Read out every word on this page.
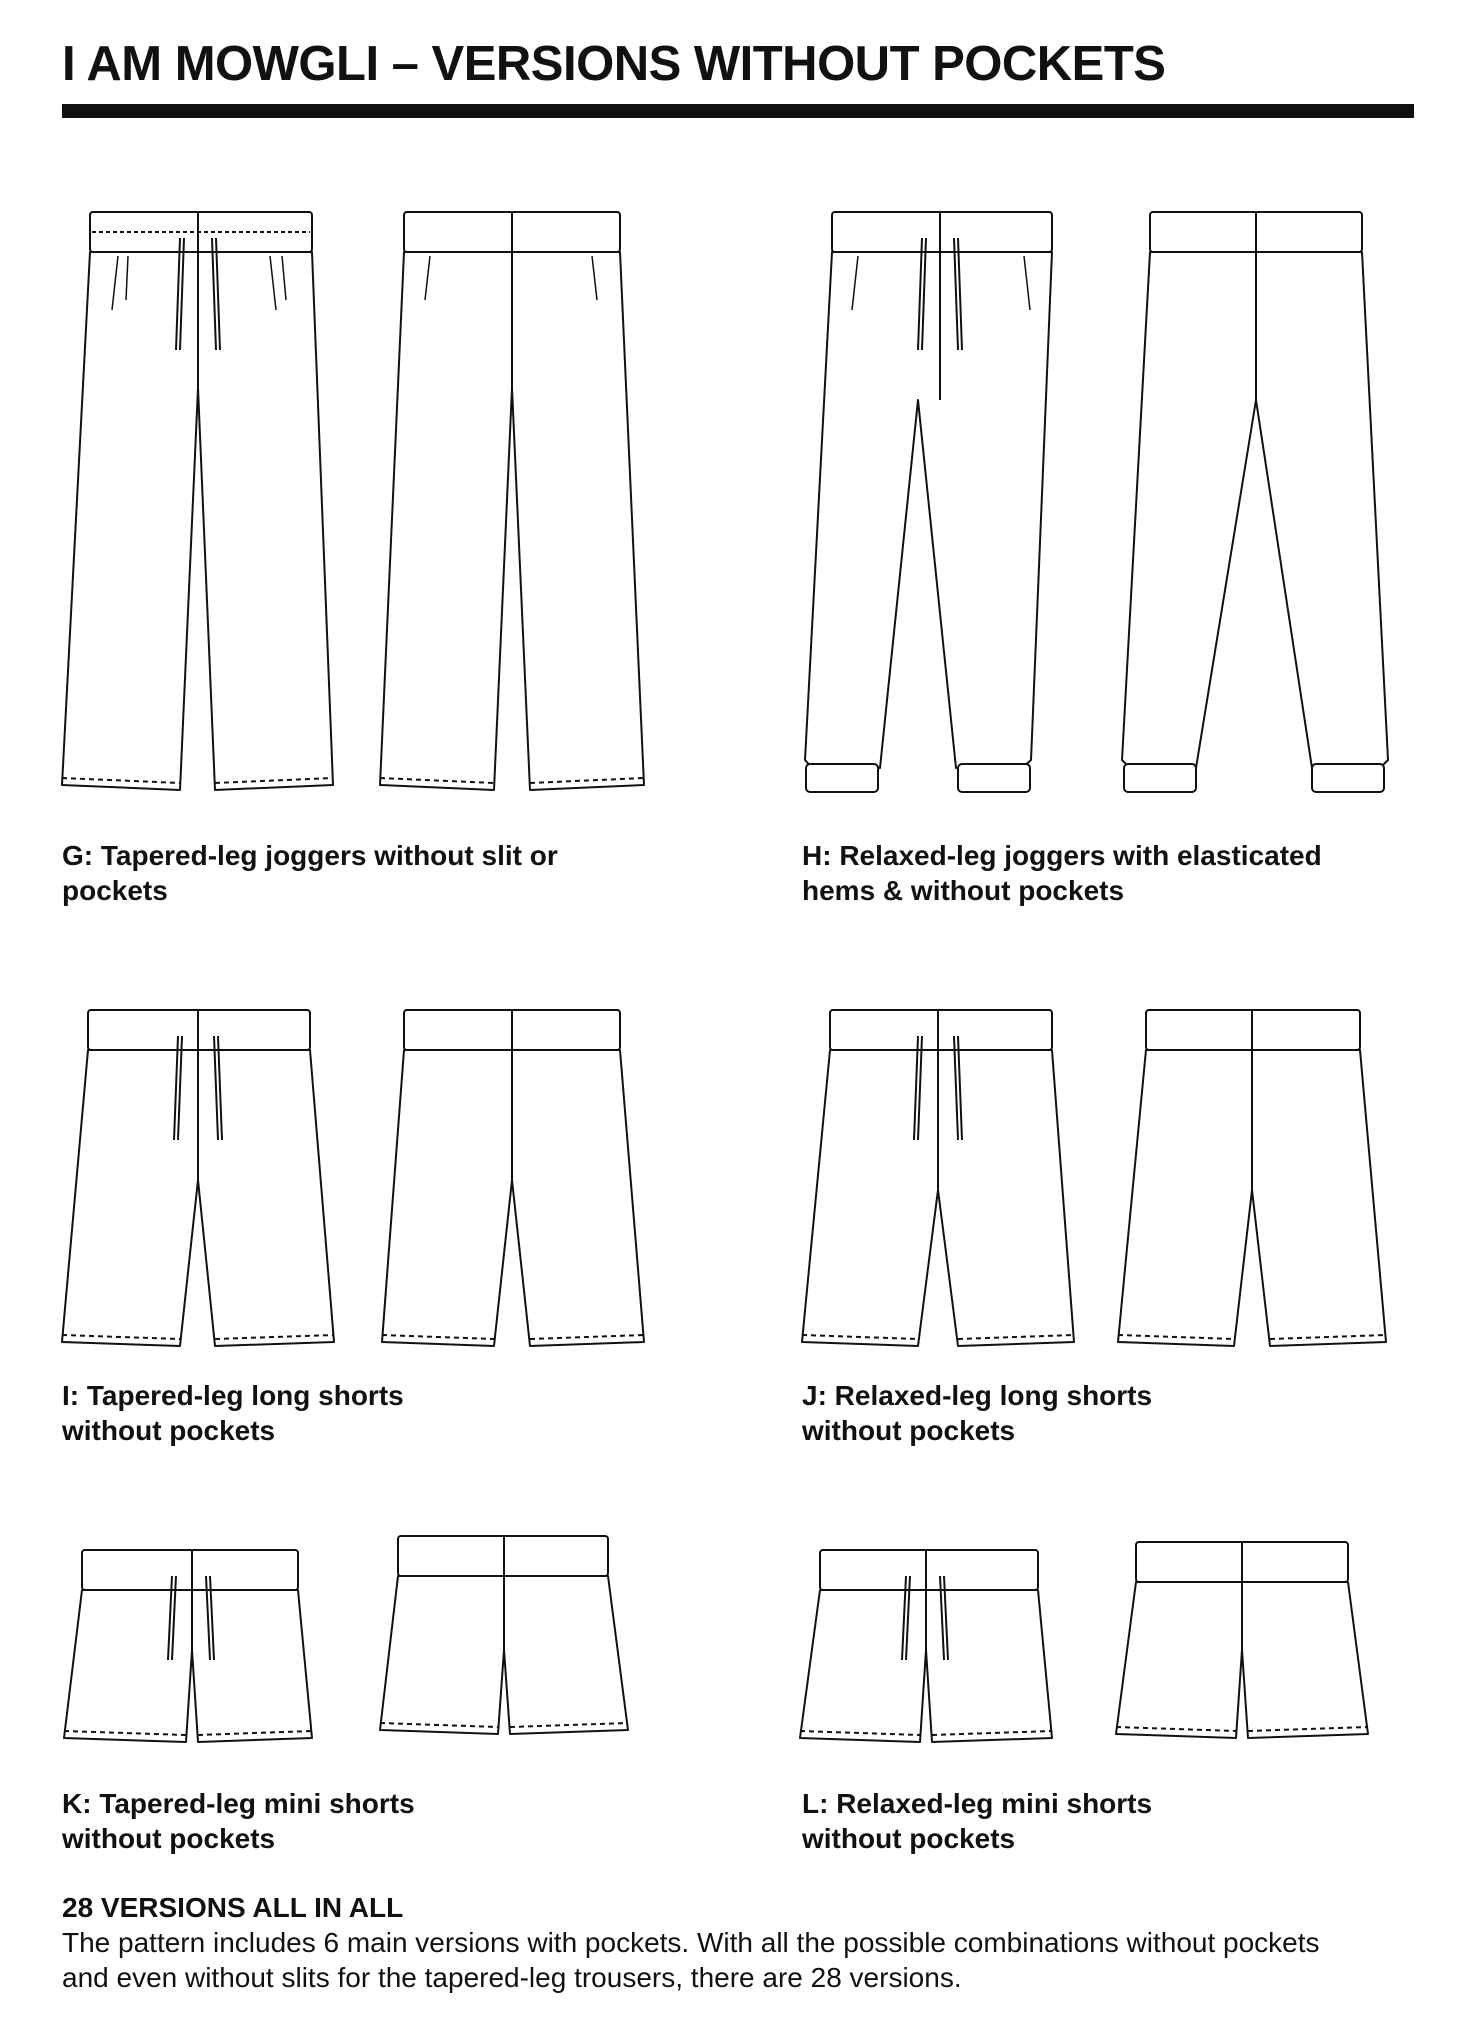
I AM MOWGLI – VERSIONS WITHOUT POCKETS

G: Tapered-leg joggers without slit or
pockets

H: Relaxed-leg joggers with elasticated
hems & without pockets

I: Tapered-leg long shorts
without pockets

J: Relaxed-leg long shorts
without pockets

K: Tapered-leg mini shorts
without pockets

L: Relaxed-leg mini shorts
without pockets

28 VERSIONS ALL IN ALL

The pattern includes 6 main versions with pockets. With all the possible combinations without pockets
and even without slits for the tapered-leg trousers, there are 28 versions.
